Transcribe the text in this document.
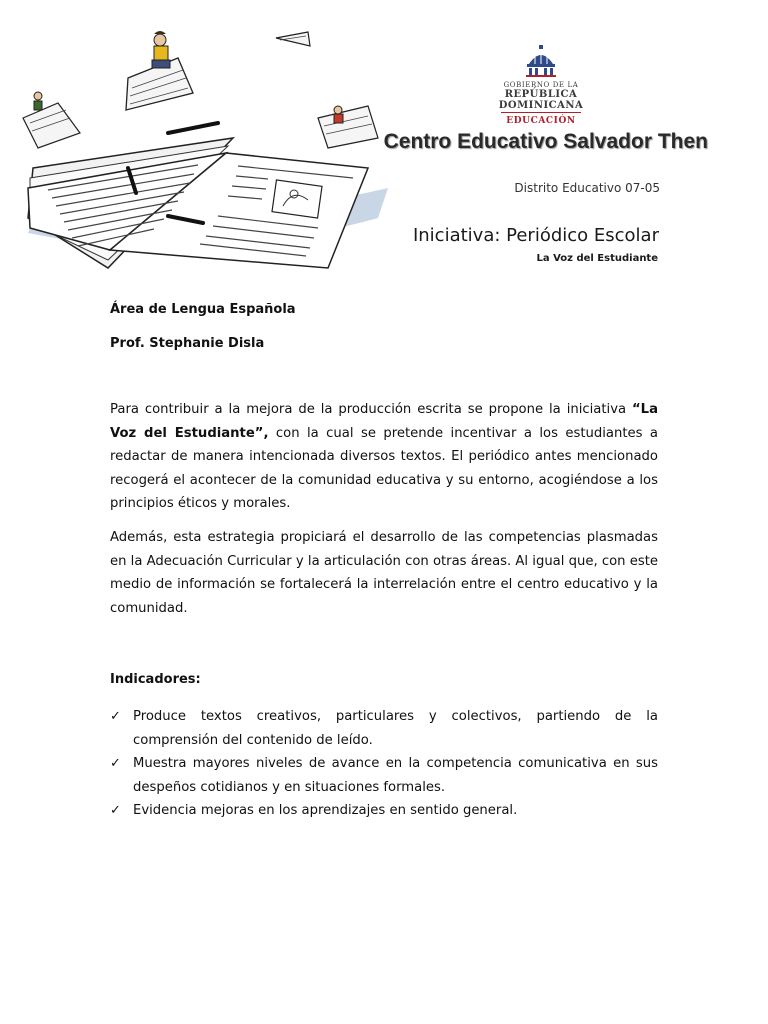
GOBIERNO DE LA
REPÚBLICA DOMINICANA
EDUCACIÓN
Centro Educativo Salvador Then
Distrito Educativo 07-05
Iniciativa: Periódico Escolar
La Voz del Estudiante
Área de Lengua Española
Prof. Stephanie Disla

Para contribuir a la mejora de la producción escrita se propone la iniciativa “La Voz del Estudiante”, con la cual se pretende incentivar a los estudiantes a redactar de manera intencionada diversos textos. El periódico antes mencionado recogerá el acontecer de la comunidad educativa y su entorno, acogiéndose a los principios éticos y morales.

Además, esta estrategia propiciará el desarrollo de las competencias plasmadas en la Adecuación Curricular y la articulación con otras áreas. Al igual que, con este medio de información se fortalecerá la interrelación entre el centro educativo y la comunidad.

Indicadores:
✓ Produce textos creativos, particulares y colectivos, partiendo de la comprensión del contenido de leído.
✓ Muestra mayores niveles de avance en la competencia comunicativa en sus despeños cotidianos y en situaciones formales.
✓ Evidencia mejoras en los aprendizajes en sentido general.
